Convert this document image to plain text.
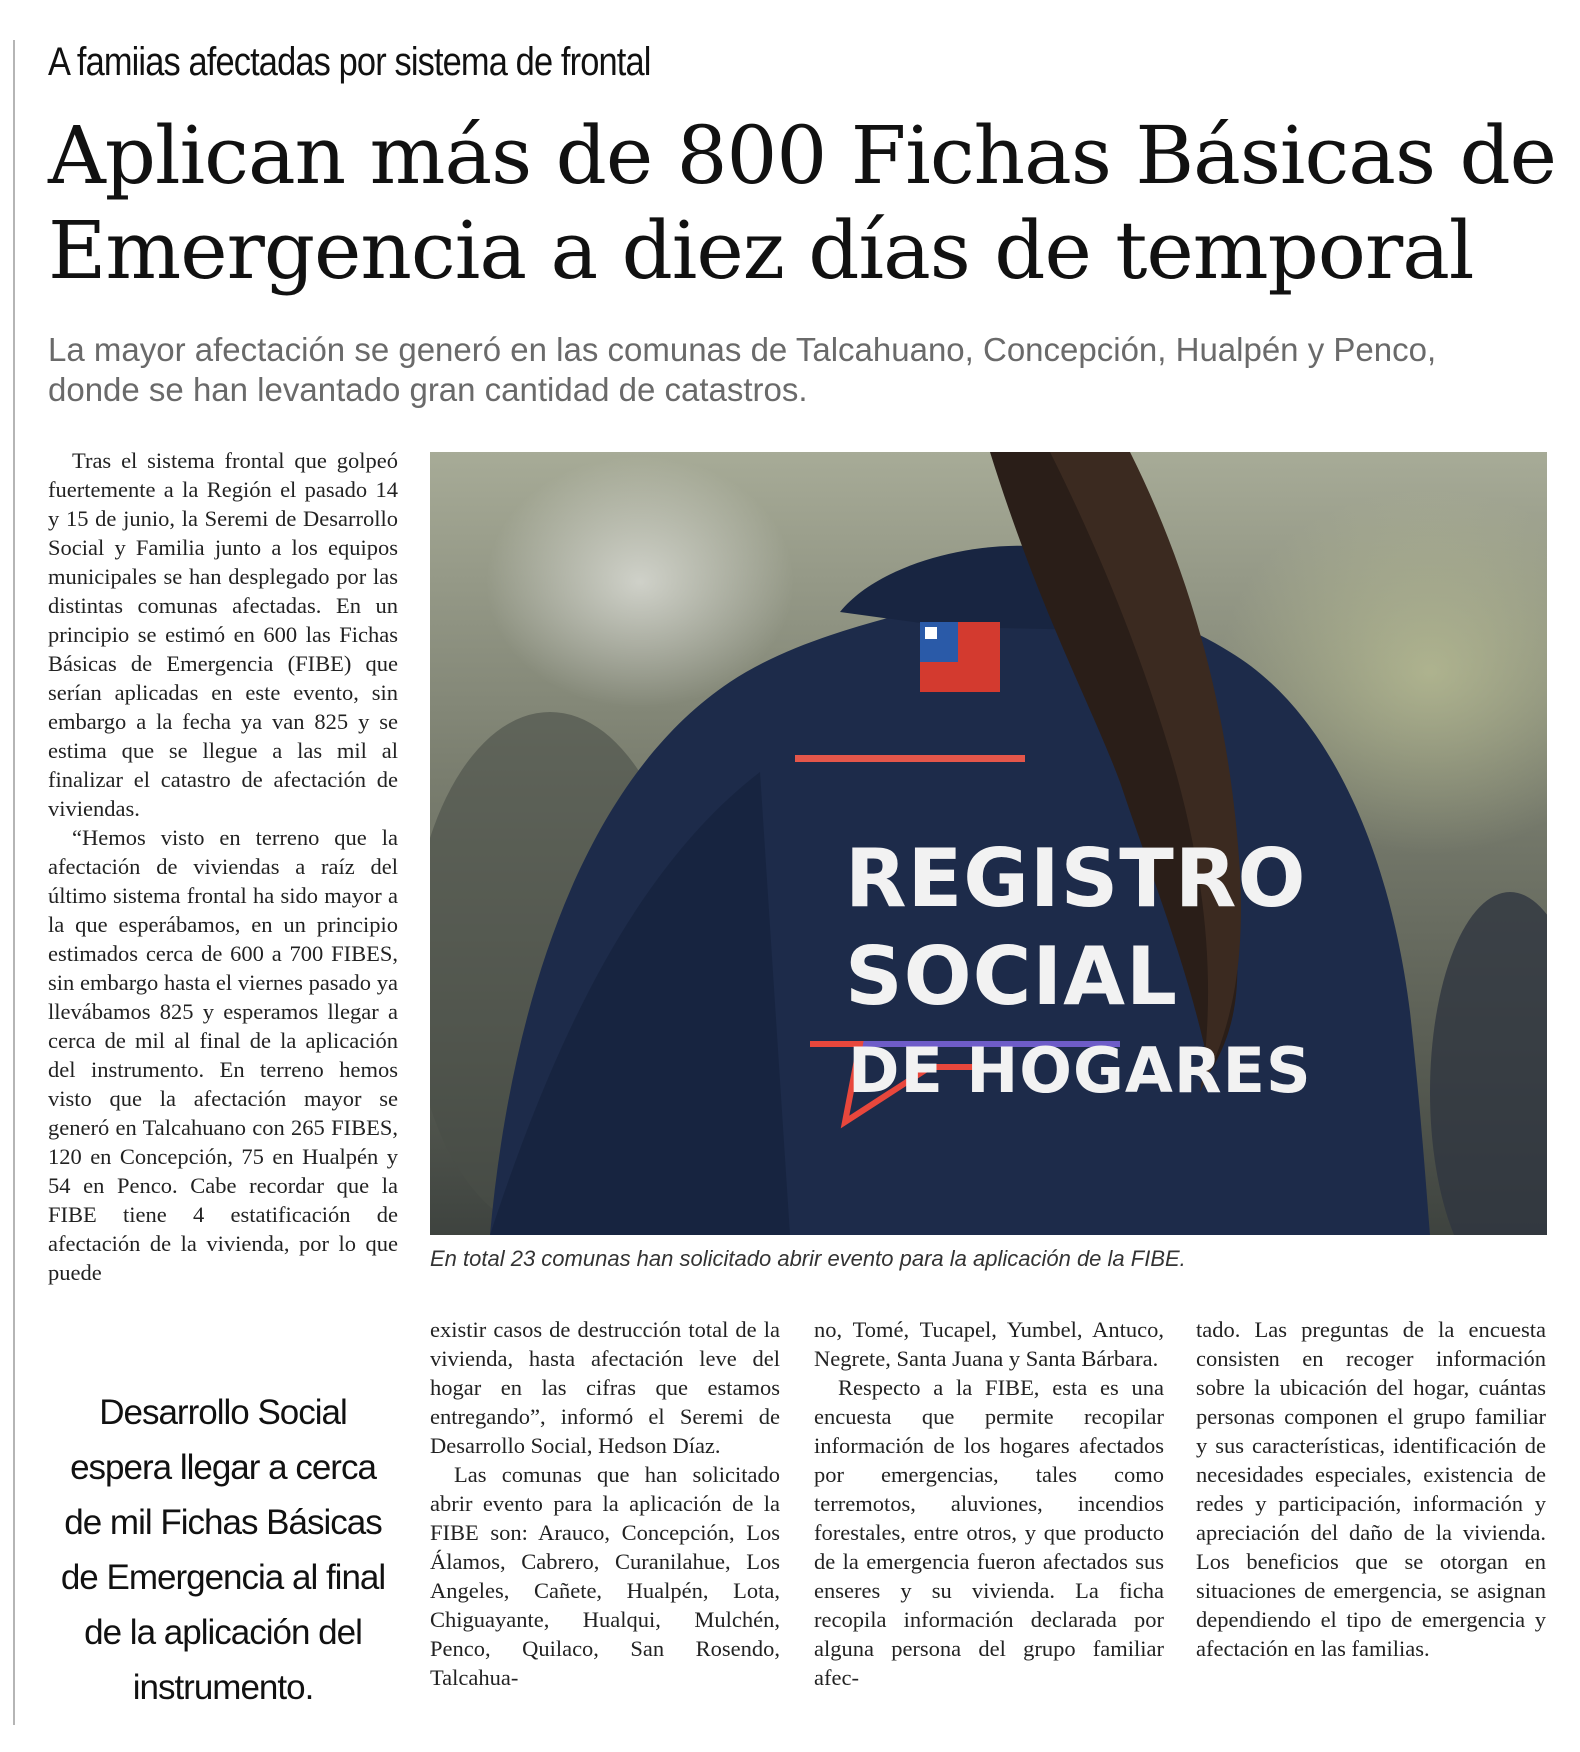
A famiias afectadas por sistema de frontal
Aplican más de 800 Fichas Básicas de
Emergencia a diez días de temporal
La mayor afectación se generó en las comunas de Talcahuano, Concepción, Hualpén y Penco,
donde se han levantado gran cantidad de catastros.

Tras el sistema frontal que golpeó fuertemente a la Región el pasado 14 y 15 de junio, la Seremi de Desarrollo Social y Familia junto a los equipos municipales se han desplegado por las distintas comunas afectadas. En un principio se estimó en 600 las Fichas Básicas de Emergencia (FIBE) que serían aplicadas en este evento, sin embargo a la fecha ya van 825 y se estima que se llegue a las mil al finalizar el catastro de afectación de viviendas.

“Hemos visto en terreno que la afectación de viviendas a raíz del último sistema frontal ha sido mayor a la que esperábamos, en un principio estimados cerca de 600 a 700 FIBES, sin embargo hasta el viernes pasado ya llevábamos 825 y esperamos llegar a cerca de mil al final de la aplicación del instrumento. En terreno hemos visto que la afectación mayor se generó en Talcahuano con 265 FIBES, 120 en Concepción, 75 en Hualpén y 54 en Penco. Cabe recordar que la FIBE tiene 4 estatificación de afectación de la vivienda, por lo que puede

REGISTRO
SOCIAL
DE HOGARES
En total 23 comunas han solicitado abrir evento para la aplicación de la FIBE.

existir casos de destrucción total de la vivienda, hasta afectación leve del hogar en las cifras que estamos entregando”, informó el Seremi de Desarrollo Social, Hedson Díaz.

Las comunas que han solicitado abrir evento para la aplicación de la FIBE son: Arauco, Concepción, Los Álamos, Cabrero, Curanilahue, Los Angeles, Cañete, Hualpén, Lota, Chiguayante, Hualqui, Mulchén, Penco, Quilaco, San Rosendo, Talcahua-

no, Tomé, Tucapel, Yumbel, Antuco, Negrete, Santa Juana y Santa Bárbara.

Respecto a la FIBE, esta es una encuesta que permite recopilar información de los hogares afectados por emergencias, tales como terremotos, aluviones, incendios forestales, entre otros, y que producto de la emergencia fueron afectados sus enseres y su vivienda. La ficha recopila información declarada por alguna persona del grupo familiar afec-

tado. Las preguntas de la encuesta consisten en recoger información sobre la ubicación del hogar, cuántas personas componen el grupo familiar y sus características, identificación de necesidades especiales, existencia de redes y participación, información y apreciación del daño de la vivienda. Los beneficios que se otorgan en situaciones de emergencia, se asignan dependiendo el tipo de emergencia y afectación en las familias.

Desarrollo Social espera llegar a cerca de mil Fichas Básicas de Emergencia al final de la aplicación del instrumento.
